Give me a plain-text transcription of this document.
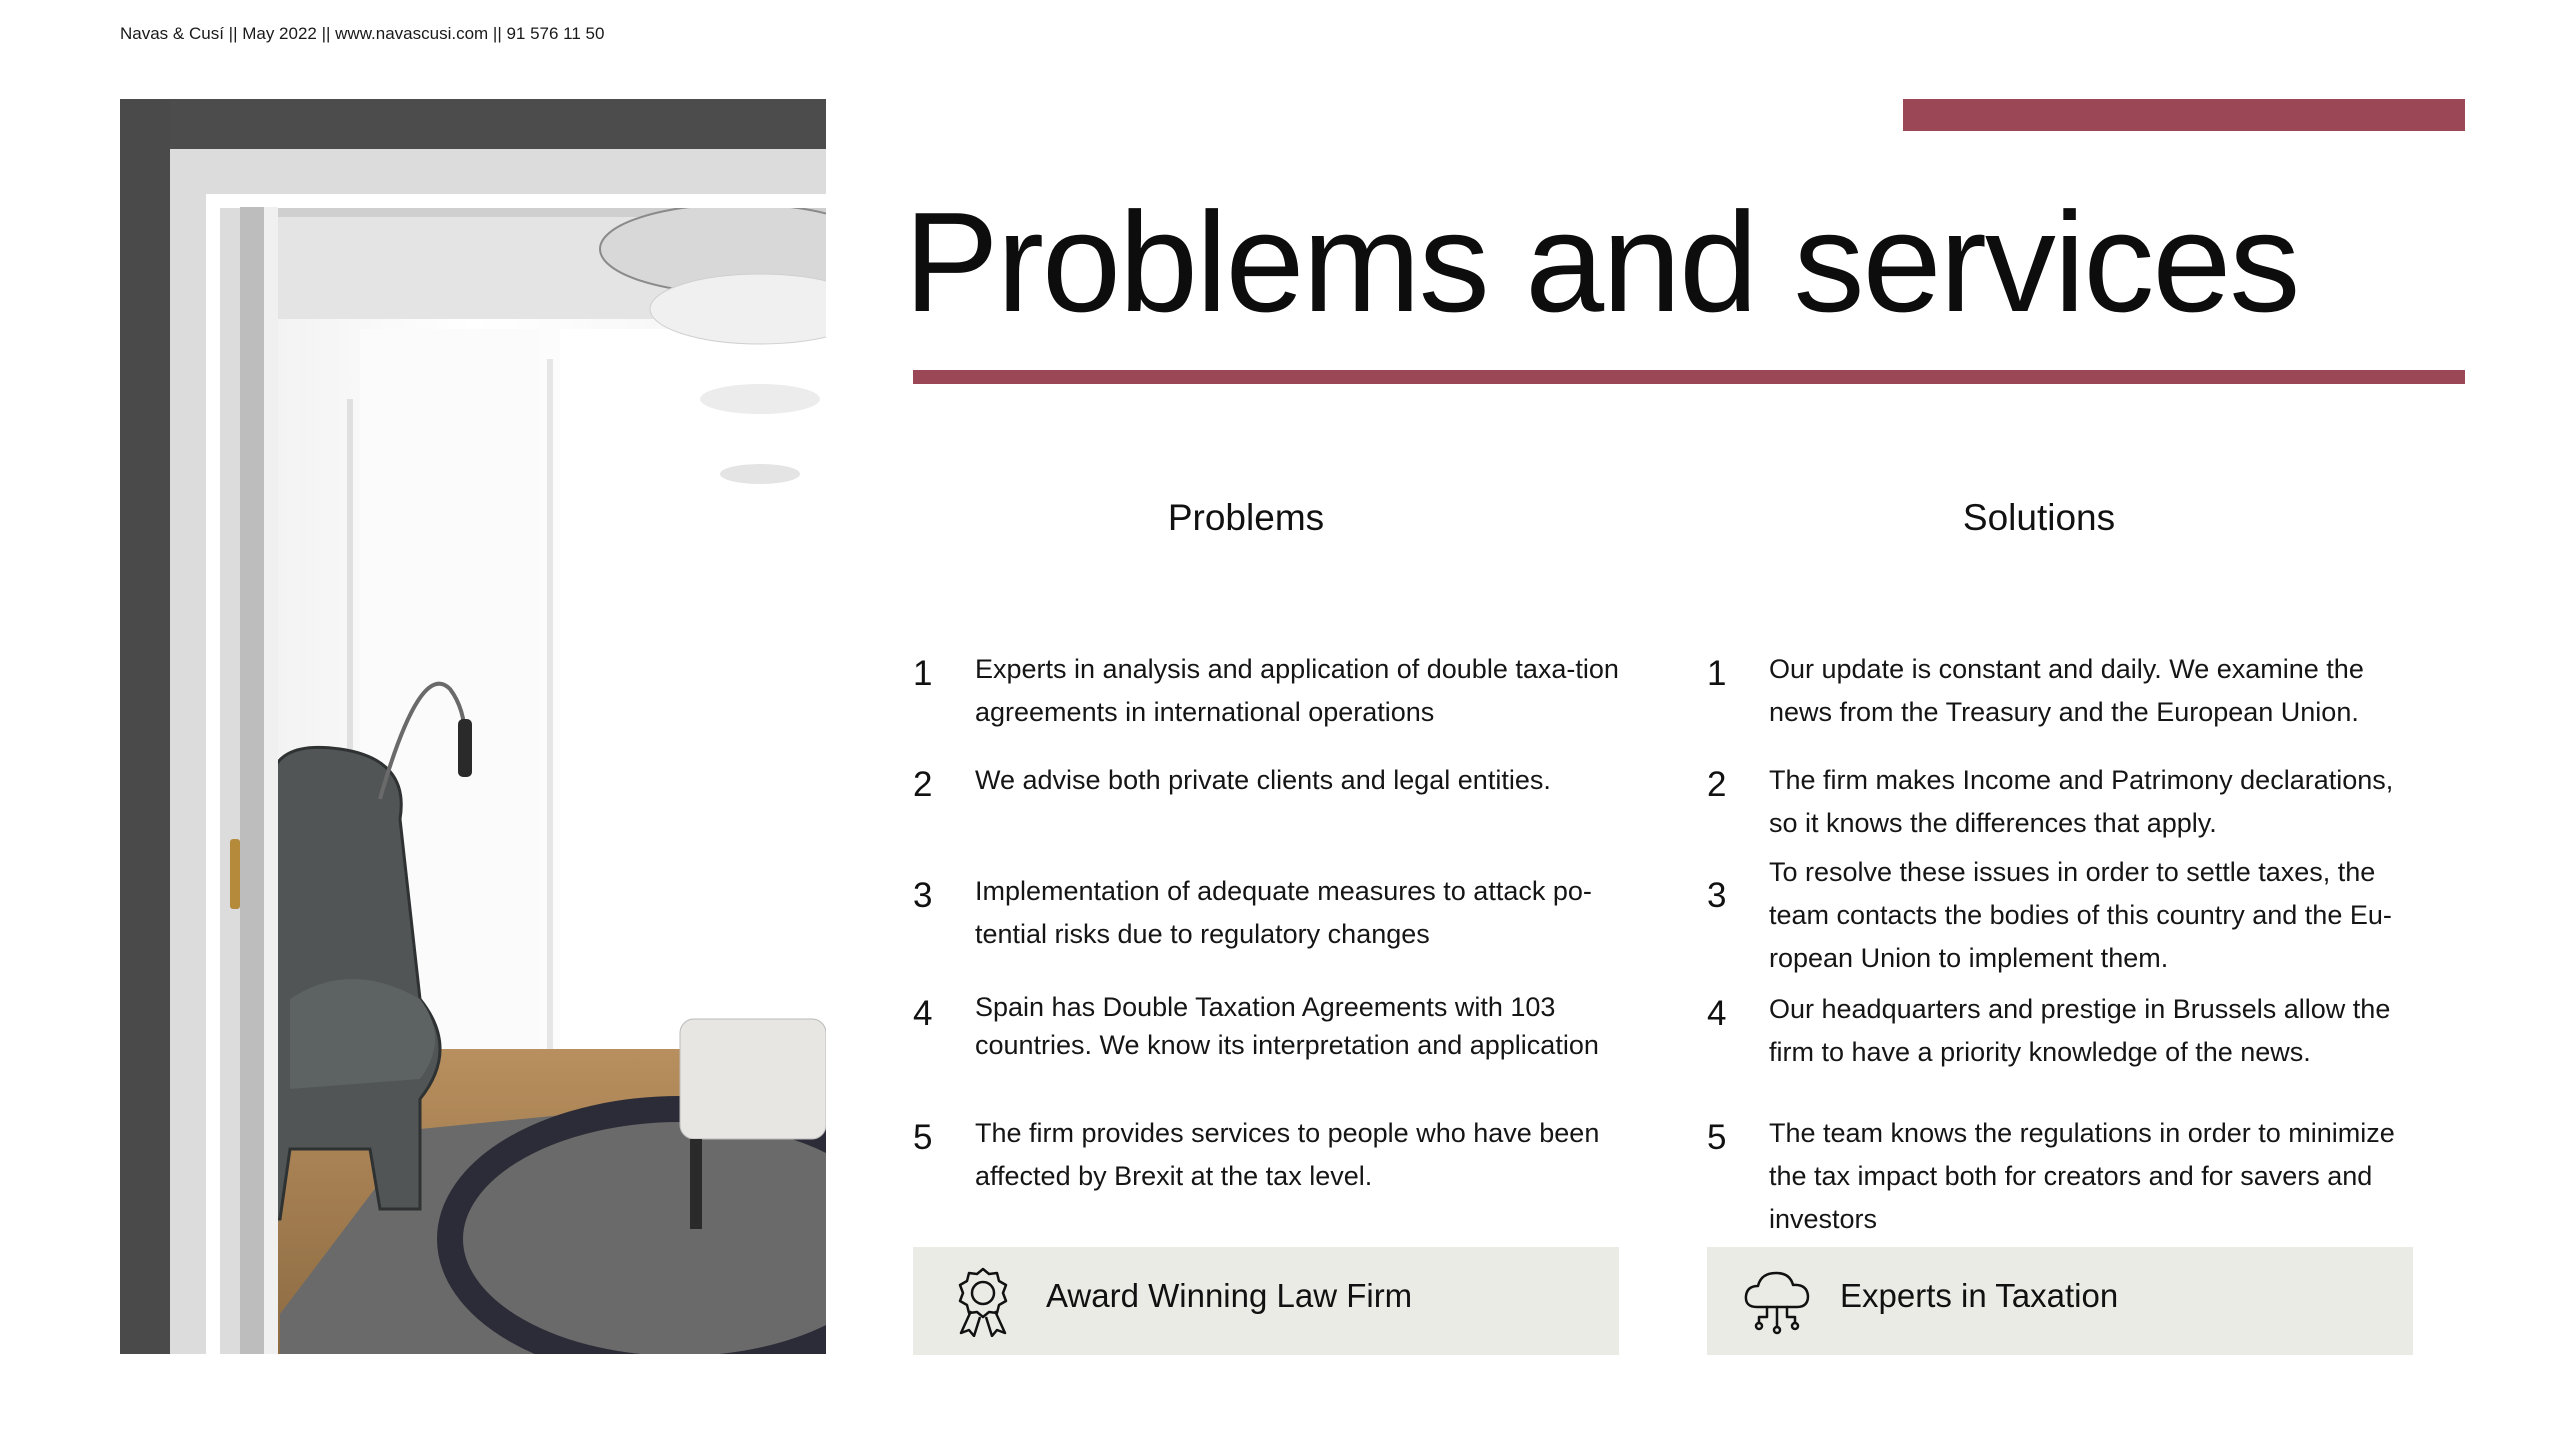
Navas & Cusí || May 2022 || www.navascusi.com || 91 576 11 50
Problems and services
Problems	Solutions
1 Experts in analysis and application of double taxa-tion agreements in international operations
2 We advise both private clients and legal entities.
3 Implementation of adequate measures to attack po-tential risks due to regulatory changes
4 Spain has Double Taxation Agreements with 103 countries. We know its interpretation and application
5 The firm provides services to people who have been affected by Brexit at the tax level.
1 Our update is constant and daily. We examine the news from the Treasury and the European Union.
2 The firm makes Income and Patrimony declarations, so it knows the differences that apply.
3
To resolve these issues in order to settle taxes, the team contacts the bodies of this country and the Eu-ropean Union to implement them.
4 Our headquarters and prestige in Brussels allow the firm to have a priority knowledge of the news.
5 The team knows the regulations in order to minimize the tax impact both for creators and for savers and investors
Award Winning Law Firm	Experts in Taxation
